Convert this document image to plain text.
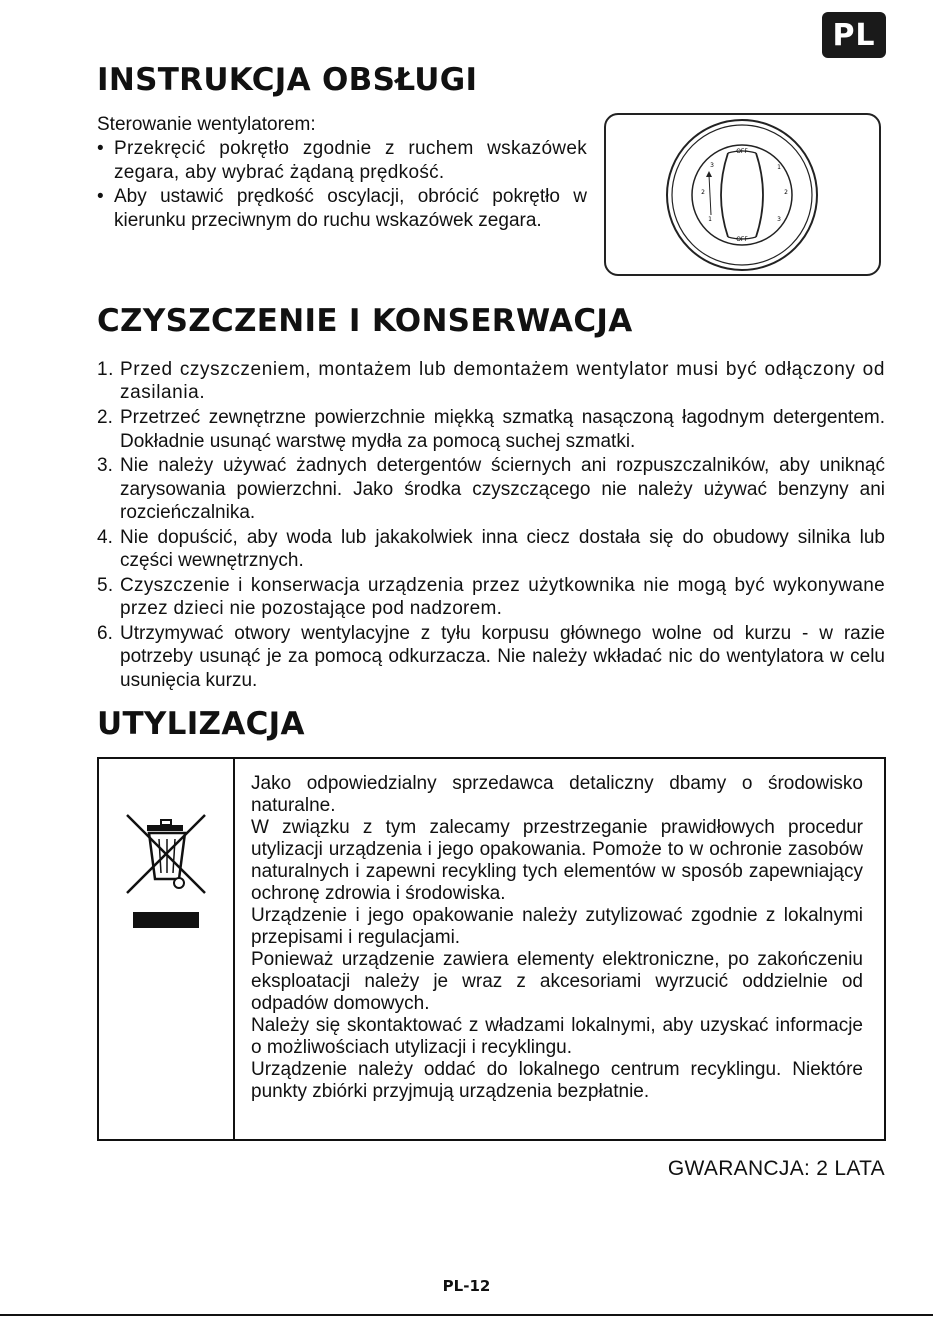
PL
INSTRUKCJA OBSŁUGI
Sterowanie wentylatorem:
• Przekręcić pokrętło zgodnie z ruchem wskazówek zegara, aby wybrać żądaną prędkość.
• Aby ustawić prędkość oscylacji, obrócić pokrętło w kierunku przeciwnym do ruchu wskazówek zegara.
OFF
OFF
1
2
3
3
2
1
CZYSZCZENIE I KONSERWACJA
1. Przed czyszczeniem, montażem lub demontażem wentylator musi być odłączony od zasilania.
2. Przetrzeć zewnętrzne powierzchnie miękką szmatką nasączoną łagodnym detergentem. Dokładnie usunąć warstwę mydła za pomocą suchej szmatki.
3. Nie należy używać żadnych detergentów ściernych ani rozpuszczalników, aby uniknąć zarysowania powierzchni. Jako środka czyszczącego nie należy używać benzyny ani rozcieńczalnika.
4. Nie dopuścić, aby woda lub jakakolwiek inna ciecz dostała się do obudowy silnika lub części wewnętrznych.
5. Czyszczenie i konserwacja urządzenia przez użytkownika nie mogą być wykonywane przez dzieci nie pozostające pod nadzorem.
6. Utrzymywać otwory wentylacyjne z tyłu korpusu głównego wolne od kurzu - w razie potrzeby usunąć je za pomocą odkurzacza. Nie należy wkładać nic do wentylatora w celu usunięcia kurzu.
UTYLIZACJA

Jako odpowiedzialny sprzedawca detaliczny dbamy o środowisko naturalne.

W związku z tym zalecamy przestrzeganie prawidłowych procedur utylizacji urządzenia i jego opakowania. Pomoże to w ochronie zasobów naturalnych i zapewni recykling tych elementów w sposób zapewniający ochronę zdrowia i środowiska.

Urządzenie i jego opakowanie należy zutylizować zgodnie z lokalnymi przepisami i regulacjami.

Ponieważ urządzenie zawiera elementy elektroniczne, po zakończeniu eksploatacji należy je wraz z akcesoriami wyrzucić oddzielnie od odpadów domowych.

Należy się skontaktować z władzami lokalnymi, aby uzyskać informacje o możliwościach utylizacji i recyklingu.

Urządzenie należy oddać do lokalnego centrum recyklingu. Niektóre punkty zbiórki przyjmują urządzenia bezpłatnie.

GWARANCJA: 2 LATA
PL-12
